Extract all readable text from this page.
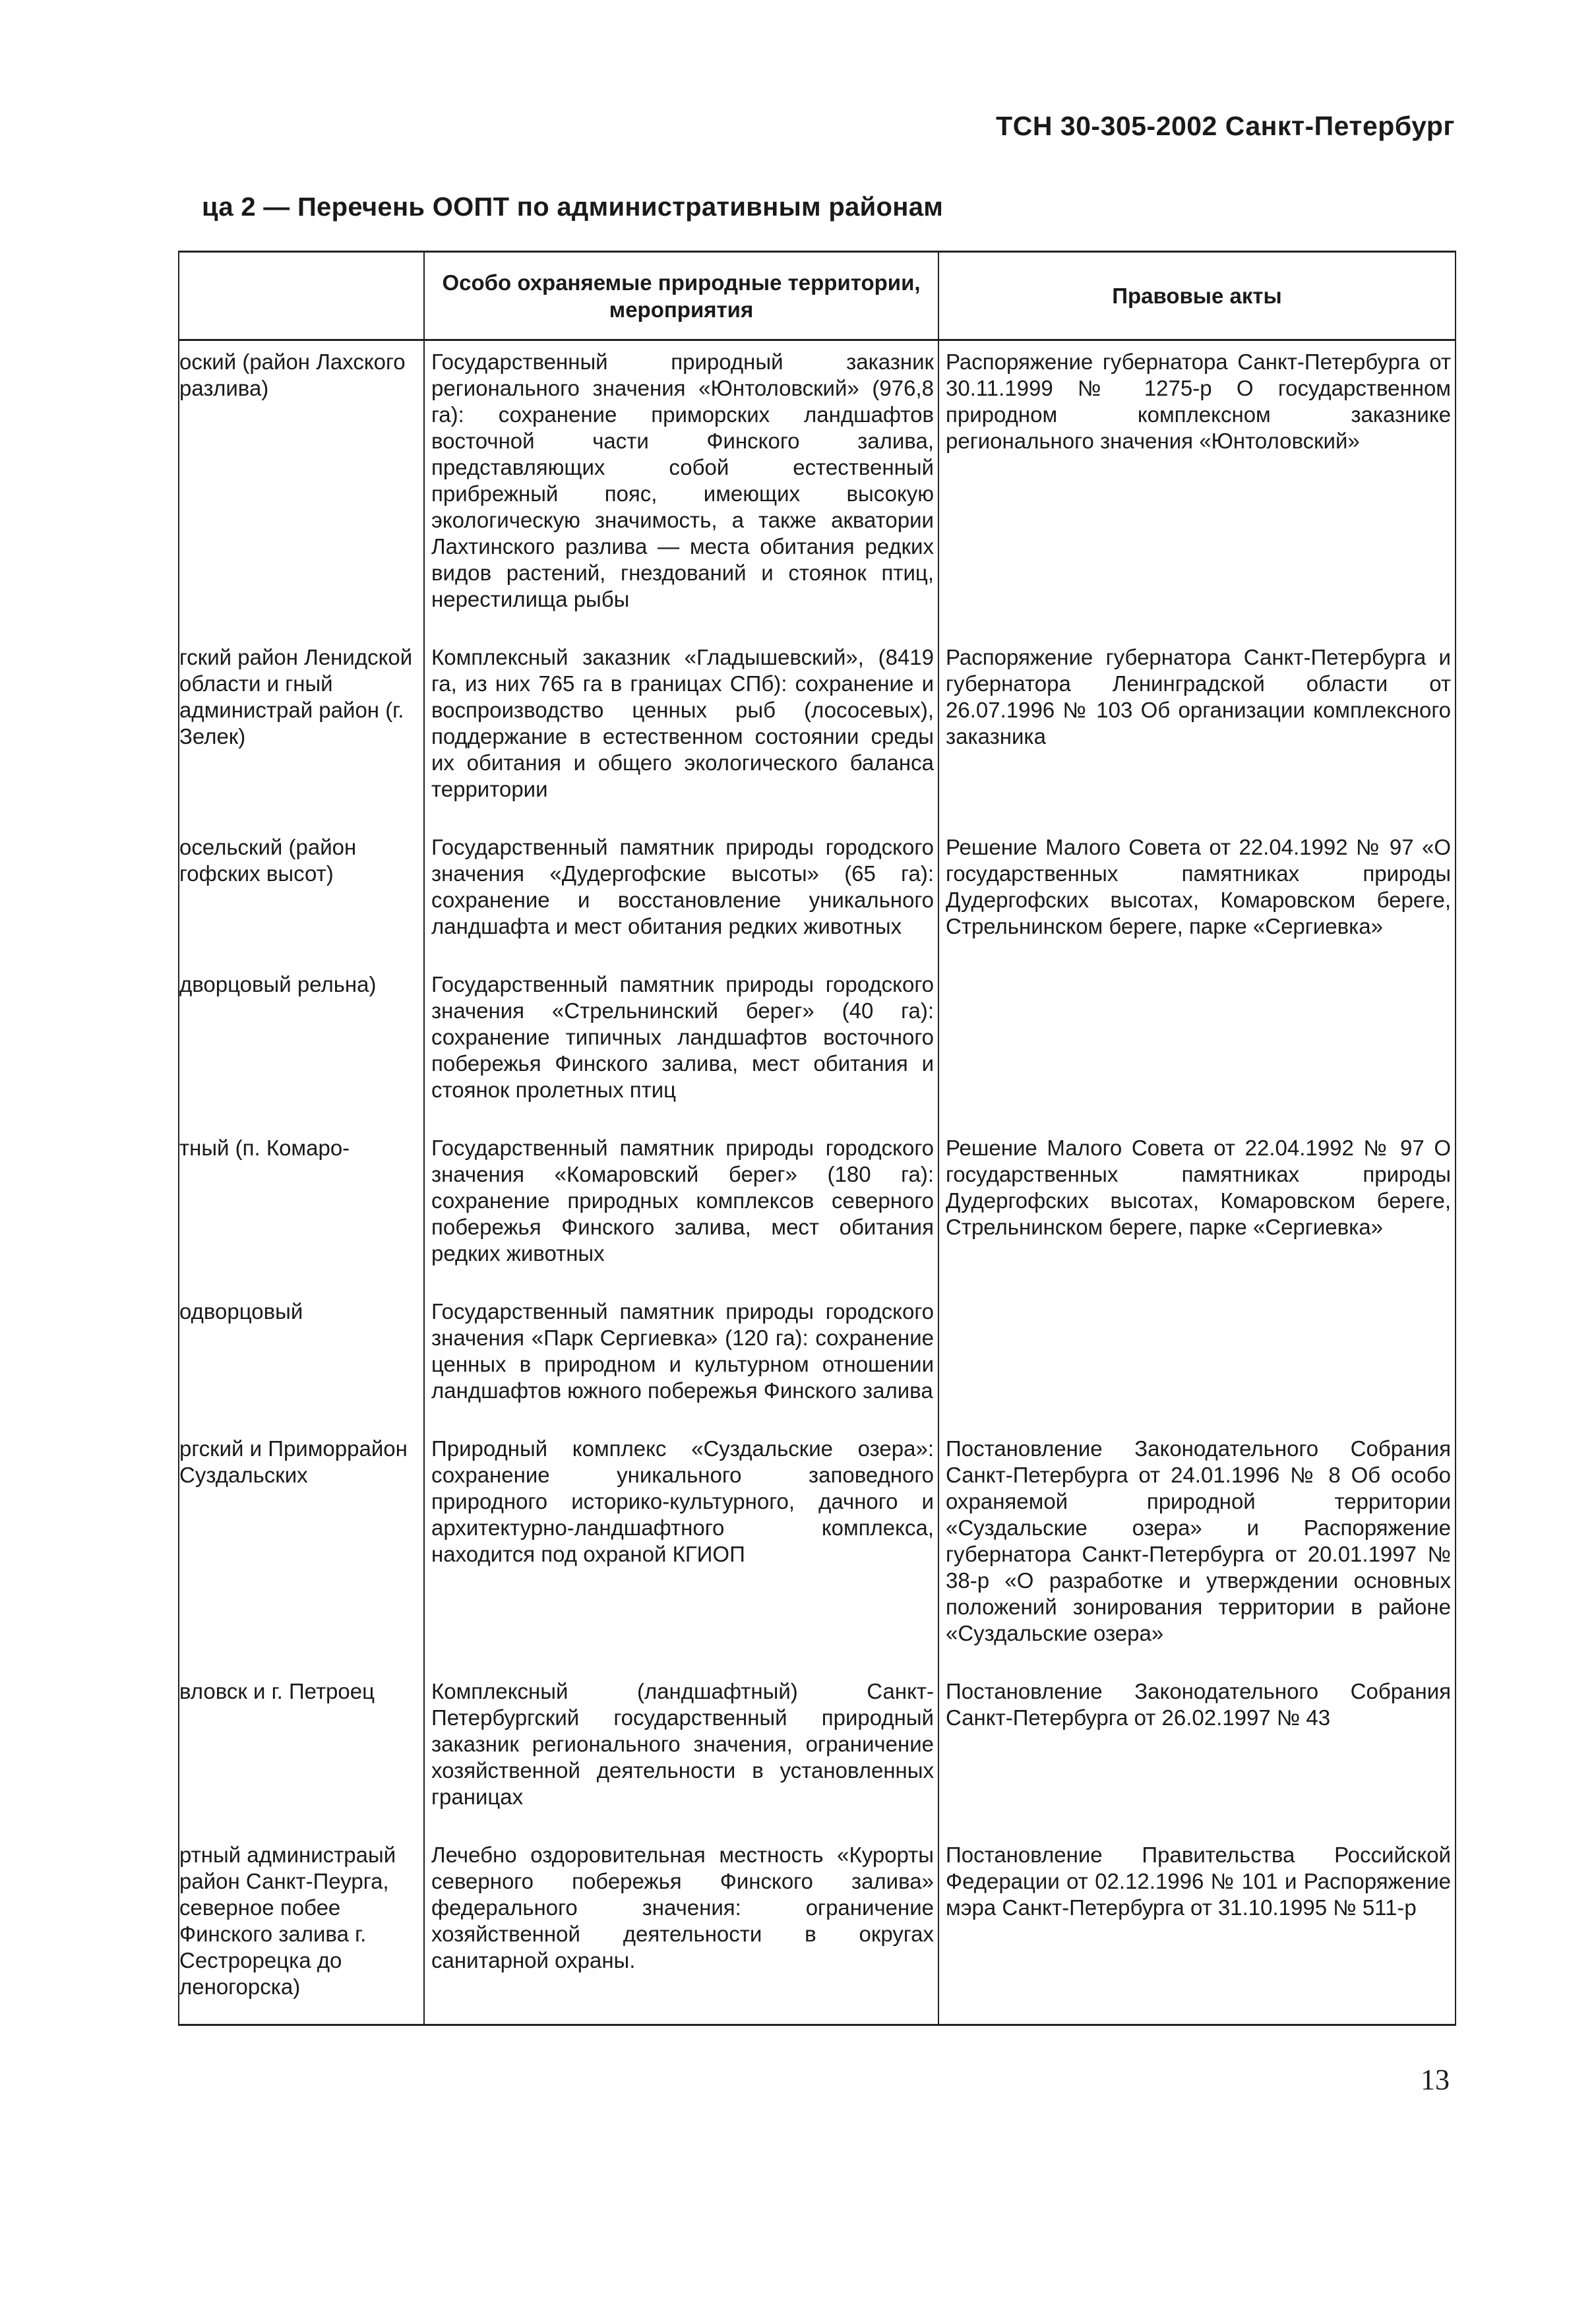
ТСН 30-305-2002 Санкт-Петербург
ца 2 — Перечень ООПТ по административным районам
	Особо охраняемые природные территории, мероприятия	Правовые акты
оский (район Лахского разлива)	Государственный природный заказник регионального значения «Юнтоловский» (976,8 га): сохранение приморских ландшафтов восточной части Финского залива, представляющих собой естественный прибрежный пояс, имеющих высокую экологическую значимость, а также акватории Лахтинского разлива — места обитания редких видов растений, гнездований и стоянок птиц, нерестилища рыбы	Распоряжение губернатора Санкт-Петербурга от 30.11.1999 № 1275-р О государственном природном комплексном заказнике регионального значения «Юнтоловский»
гский район Ленидской области и гный администрай район (г. Зелек)	Комплексный заказник «Гладышевский», (8419 га, из них 765 га в границах СПб): сохранение и воспроизводство ценных рыб (лососевых), поддержание в естественном состоянии среды их обитания и общего экологического баланса территории	Распоряжение губернатора Санкт-Петербурга и губернатора Ленинградской области от 26.07.1996 № 103 Об организации комплексного заказника
осельский (район гофских высот)	Государственный памятник природы городского значения «Дудергофские высоты» (65 га): сохранение и восстановление уникального ландшафта и мест обитания редких животных	Решение Малого Совета от 22.04.1992 № 97 «О государственных памятниках природы Дудергофских высотах, Комаровском береге, Стрельнинском береге, парке «Сергиевка»
дворцовый рельна)	Государственный памятник природы городского значения «Стрельнинский берег» (40 га): сохранение типичных ландшафтов восточного побережья Финского залива, мест обитания и стоянок пролетных птиц	
тный (п. Комаро-	Государственный памятник природы городского значения «Комаровский берег» (180 га): сохранение природных комплексов северного побережья Финского залива, мест обитания редких животных	Решение Малого Совета от 22.04.1992 № 97 О государственных памятниках природы Дудергофских высотах, Комаровском береге, Стрельнинском береге, парке «Сергиевка»
одворцовый	Государственный памятник природы городского значения «Парк Сергиевка» (120 га): сохранение ценных в природном и культурном отношении ландшафтов южного побережья Финского залива	
ргский и Приморрайон Суздальских	Природный комплекс «Суздальские озера»: сохранение уникального заповедного природного историко-культурного, дачного и архитектурно-ландшафтного комплекса, находится под охраной КГИОП	Постановление Законодательного Собрания Санкт-Петербурга от 24.01.1996 № 8 Об особо охраняемой природной территории «Суздальские озера» и Распоряжение губернатора Санкт-Петербурга от 20.01.1997 № 38-р «О разработке и утверждении основных положений зонирования территории в районе «Суздальские озера»
вловск и г. Петроец	Комплексный (ландшафтный) Санкт-Петербургский государственный природный заказник регионального значения, ограничение хозяйственной деятельности в установленных границах	Постановление Законодательного Собрания Санкт-Петербурга от 26.02.1997 № 43
ртный администраый район Санкт-Пеурга, северное побее Финского залива г. Сестрорецка до леногорска)	Лечебно оздоровительная местность «Курорты северного побережья Финского залива» федерального значения: ограничение хозяйственной деятельности в округах санитарной охраны.	Постановление Правительства Российской Федерации от 02.12.1996 № 101 и Распоряжение мэра Санкт-Петербурга от 31.10.1995 № 511-р
13
